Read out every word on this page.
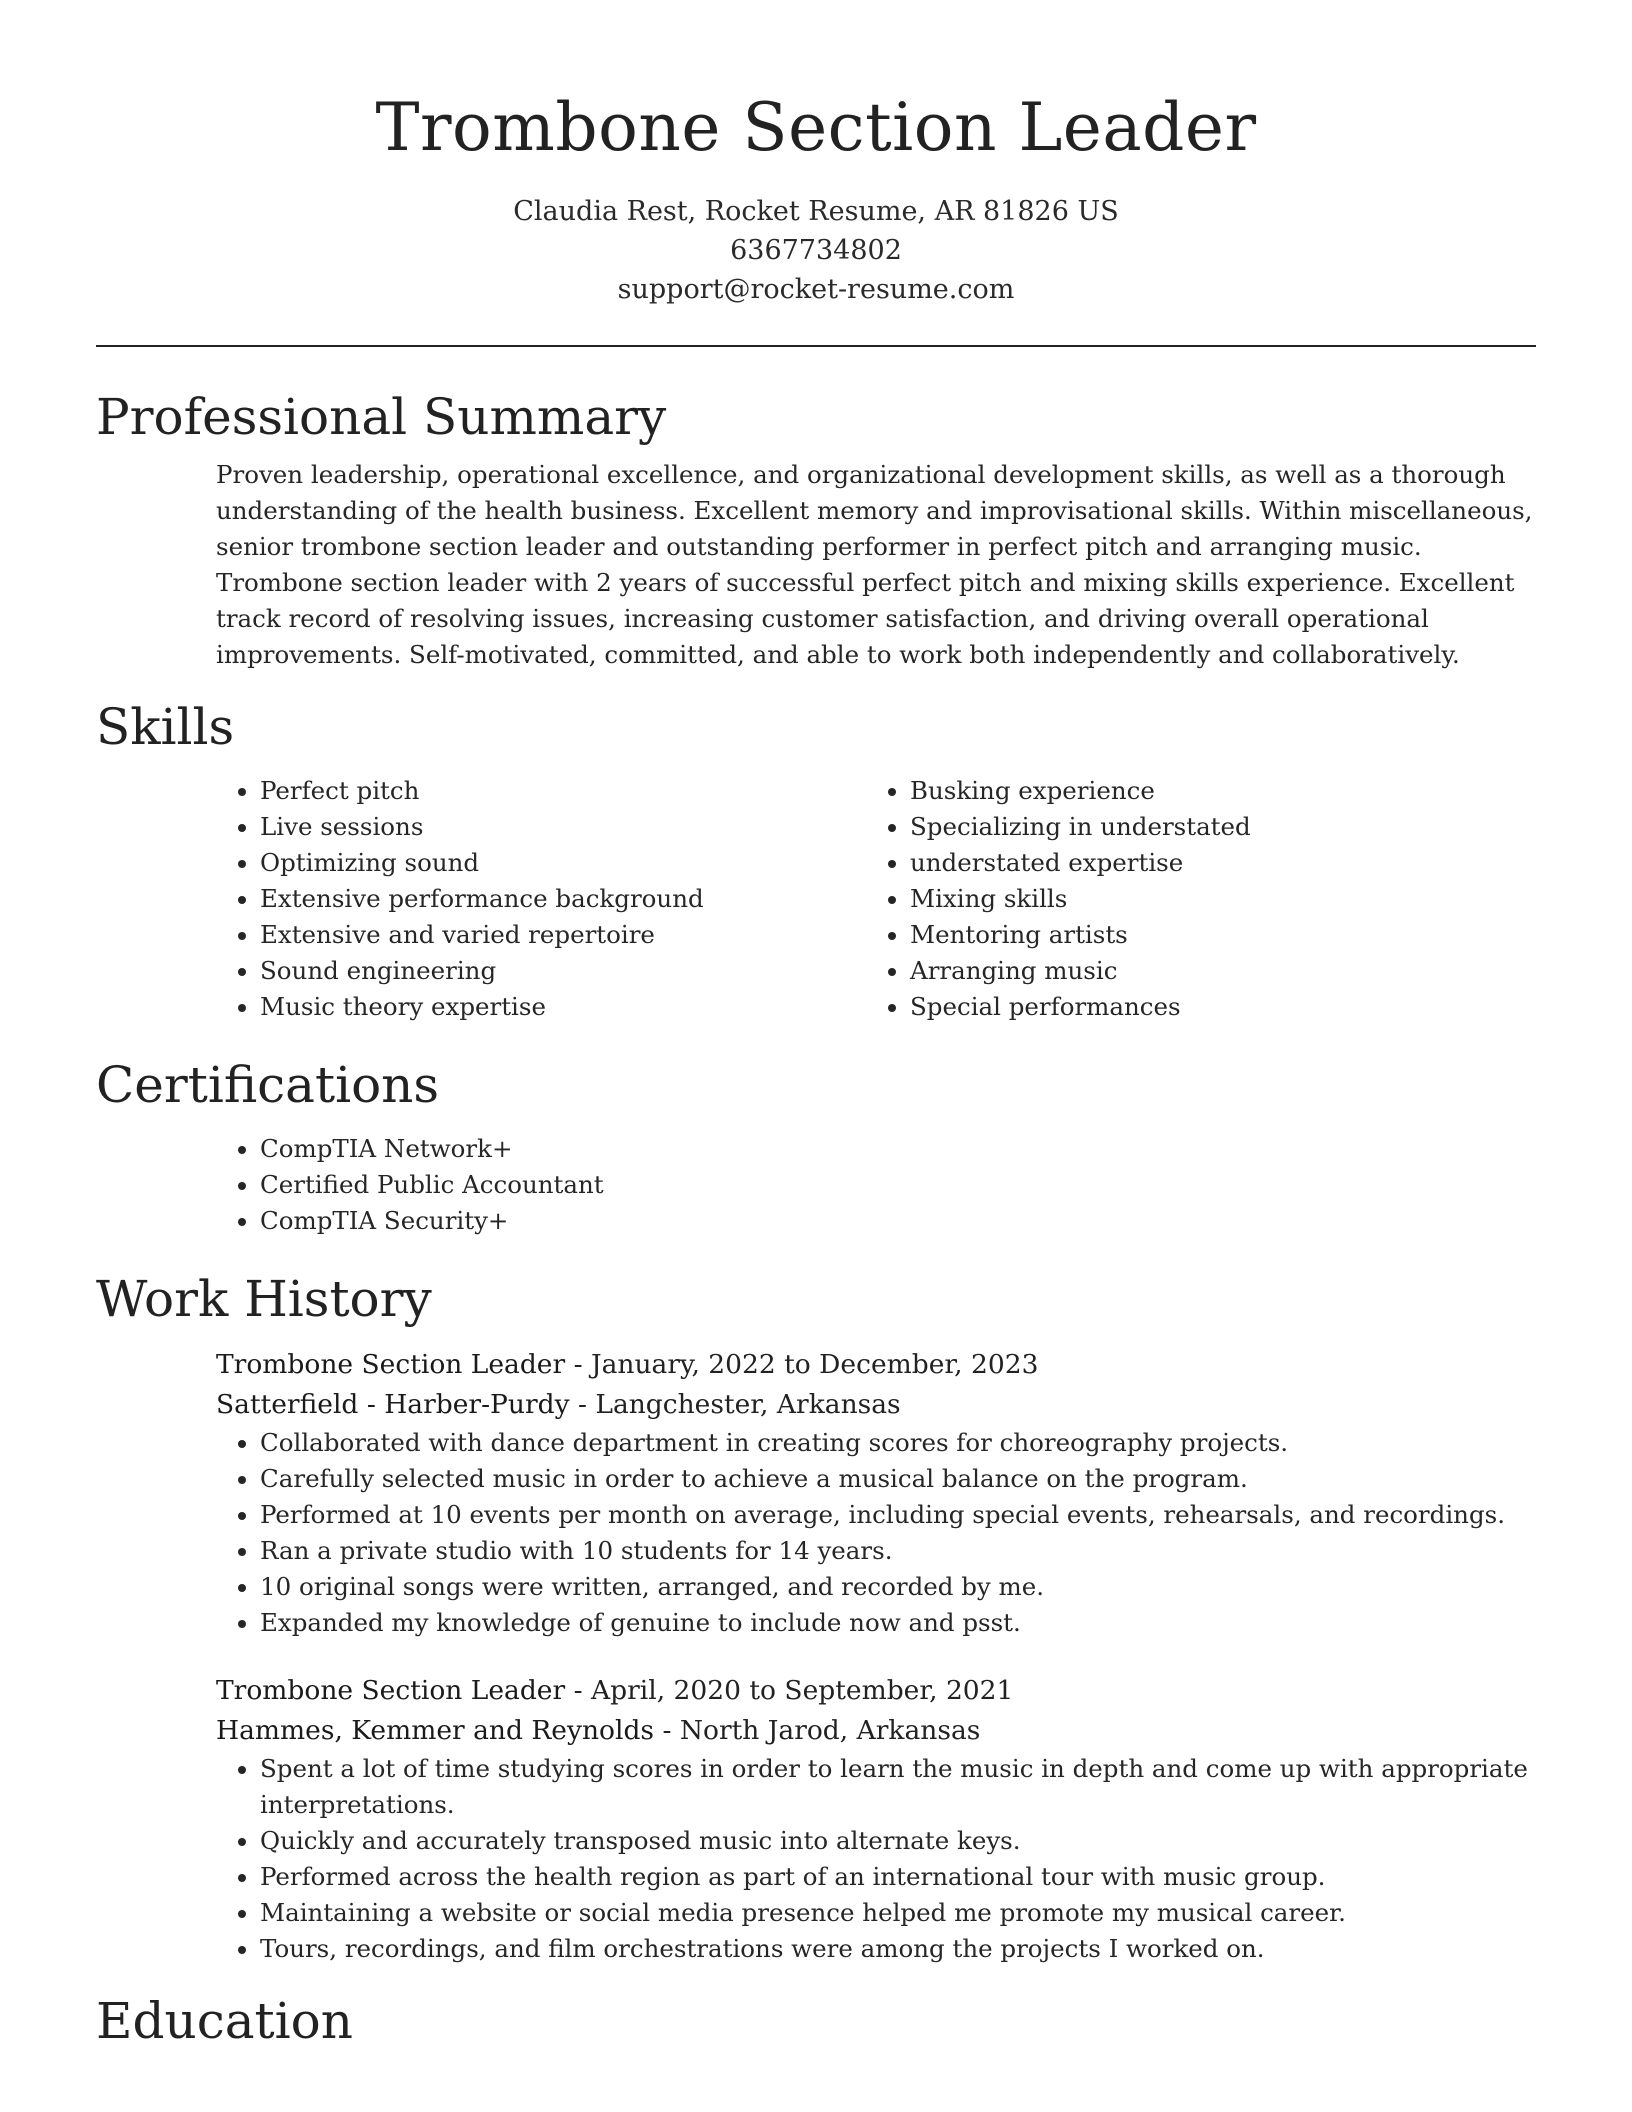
Trombone Section Leader
Claudia Rest, Rocket Resume, AR 81826 US
6367734802
support@rocket-resume.com
Professional Summary

Proven leadership, operational excellence, and organizational development skills, as well as a thorough understanding of the health business. Excellent memory and improvisational skills. Within miscellaneous, senior trombone section leader and outstanding performer in perfect pitch and arranging music. Trombone section leader with 2 years of successful perfect pitch and mixing skills experience. Excellent track record of resolving issues, increasing customer satisfaction, and driving overall operational improvements. Self-motivated, committed, and able to work both independently and collaboratively.

Skills
• Perfect pitch
• Live sessions
• Optimizing sound
• Extensive performance background
• Extensive and varied repertoire
• Sound engineering
• Music theory expertise
• Busking experience
• Specializing in understated
• understated expertise
• Mixing skills
• Mentoring artists
• Arranging music
• Special performances
Certifications
• CompTIA Network+
• Certified Public Accountant
• CompTIA Security+
Work History
Trombone Section Leader - January, 2022 to December, 2023
Satterfield - Harber-Purdy - Langchester, Arkansas
• Collaborated with dance department in creating scores for choreography projects.
• Carefully selected music in order to achieve a musical balance on the program.
• Performed at 10 events per month on average, including special events, rehearsals, and recordings.
• Ran a private studio with 10 students for 14 years.
• 10 original songs were written, arranged, and recorded by me.
• Expanded my knowledge of genuine to include now and psst.
Trombone Section Leader - April, 2020 to September, 2021
Hammes, Kemmer and Reynolds - North Jarod, Arkansas
• Spent a lot of time studying scores in order to learn the music in depth and come up with appropriate interpretations.
• Quickly and accurately transposed music into alternate keys.
• Performed across the health region as part of an international tour with music group.
• Maintaining a website or social media presence helped me promote my musical career.
• Tours, recordings, and film orchestrations were among the projects I worked on.
Education
